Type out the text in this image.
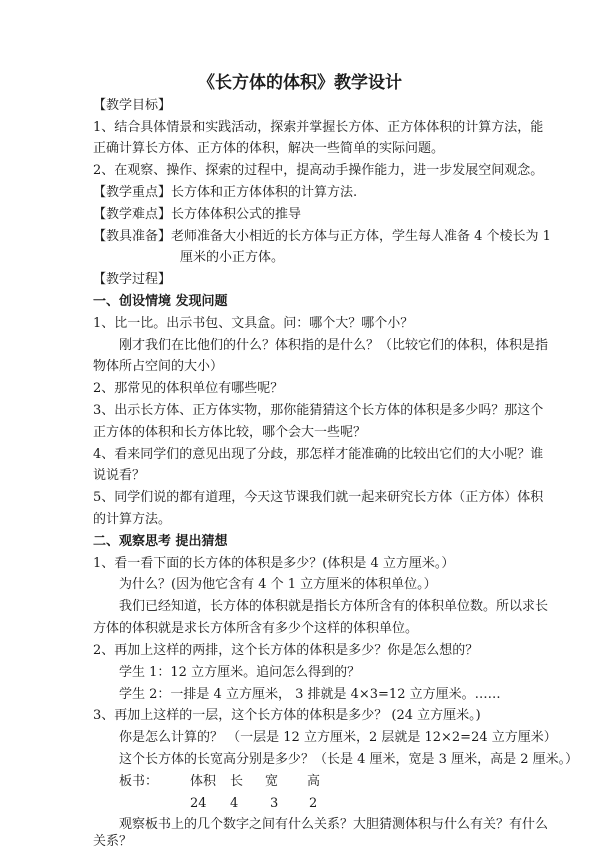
《长方体的体积》教学设计
【教学目标】
1、结合具体情景和实践活动，探索并掌握长方体、正方体体积的计算方法，能
正确计算长方体、正方体的体积，解决一些简单的实际问题。
2、在观察、操作、探索的过程中，提高动手操作能力，进一步发展空间观念。
【教学重点】长方体和正方体体积的计算方法.
【教学难点】长方体体积公式的推导
【教具准备】老师准备大小相近的长方体与正方体，学生每人准备 4 个棱长为 1
厘米的小正方体。
【教学过程】
一、创设情境 发现问题
1、比一比。出示书包、文具盒。问：哪个大？哪个小？
刚才我们在比他们的什么？体积指的是什么？（比较它们的体积，体积是指
物体所占空间的大小）
2、那常见的体积单位有哪些呢？
3、出示长方体、正方体实物，那你能猜猜这个长方体的体积是多少吗？那这个
正方体的体积和长方体比较，哪个会大一些呢？
4、看来同学们的意见出现了分歧，那怎样才能准确的比较出它们的大小呢？谁
说说看？
5、同学们说的都有道理，今天这节课我们就一起来研究长方体（正方体）体积
的计算方法。
二、观察思考 提出猜想
1、看一看下面的长方体的体积是多少？(体积是 4 立方厘米。）
为什么？(因为他它含有 4 个 1 立方厘米的体积单位。）
我们已经知道，长方体的体积就是指长方体所含有的体积单位数。所以求长
方体的体积就是求长方体所含有多少个这样的体积单位。
2、再加上这样的两排，这个长方体的体积是多少？你是怎么想的？
学生 1：12 立方厘米。追问怎么得到的？
学生 2：一排是 4 立方厘米， 3 排就是 4×3=12 立方厘米。……
3、再加上这样的一层，这个长方体的体积是多少？ (24 立方厘米。)
你是怎么计算的？ （一层是 12 立方厘米，2 层就是 12×2=24 立方厘米）
这个长方体的长宽高分别是多少？（长是 4 厘米，宽是 3 厘米，高是 2 厘米。）
板书： 体积 长 宽 高
24 4 3 2
观察板书上的几个数字之间有什么关系？大胆猜测体积与什么有关？有什么
关系？
